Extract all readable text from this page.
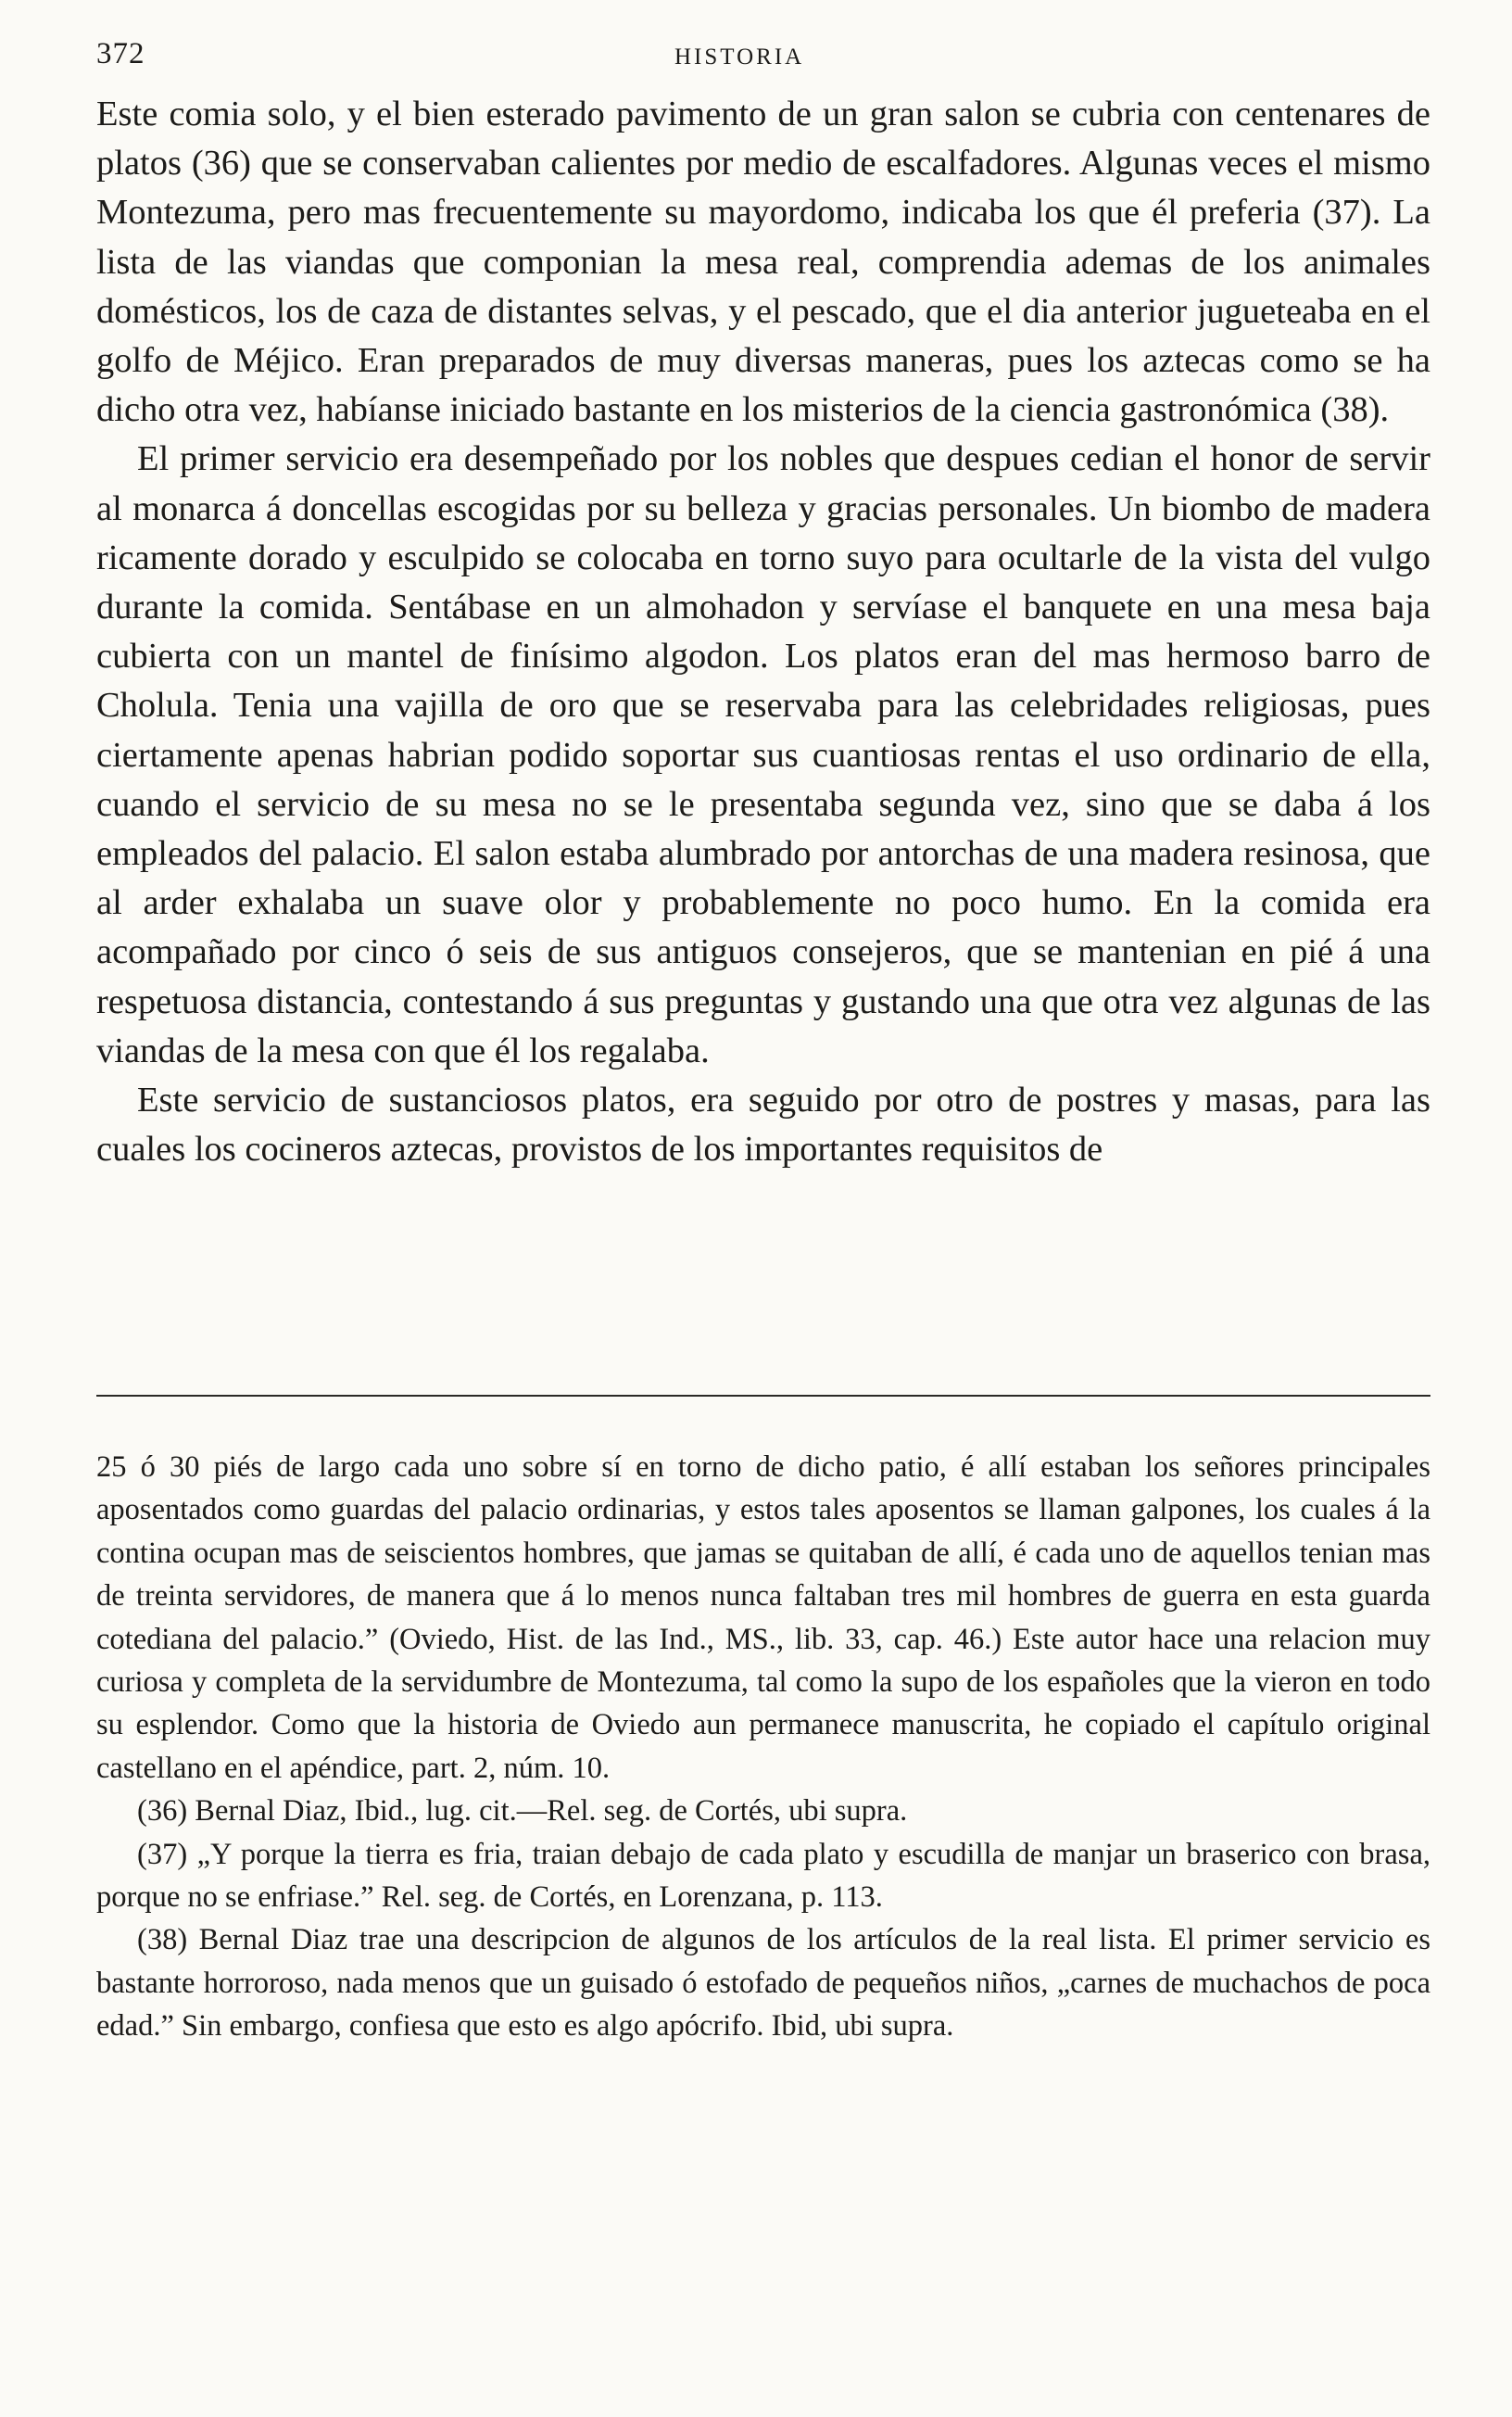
372	HISTORIA

Este comia solo, y el bien esterado pavimento de un gran salon se cubria con centenares de platos (36) que se conservaban calientes por medio de escalfadores. Algunas veces el mismo Montezuma, pero mas frecuentemente su mayordomo, indicaba los que él preferia (37). La lista de las viandas que componian la mesa real, comprendia ademas de los animales domésticos, los de caza de distantes selvas, y el pescado, que el dia anterior jugueteaba en el golfo de Méjico. Eran preparados de muy diversas maneras, pues los aztecas como se ha dicho otra vez, habíanse iniciado bastante en los misterios de la ciencia gastronómica (38).

El primer servicio era desempeñado por los nobles que despues cedian el honor de servir al monarca á doncellas escogidas por su belleza y gracias personales. Un biombo de madera ricamente dorado y esculpido se colocaba en torno suyo para ocultarle de la vista del vulgo durante la comida. Sentábase en un almohadon y servíase el banquete en una mesa baja cubierta con un mantel de finísimo algodon. Los platos eran del mas hermoso barro de Cholula. Tenia una vajilla de oro que se reservaba para las celebridades religiosas, pues ciertamente apenas habrian podido soportar sus cuantiosas rentas el uso ordinario de ella, cuando el servicio de su mesa no se le presentaba segunda vez, sino que se daba á los empleados del palacio. El salon estaba alumbrado por antorchas de una madera resinosa, que al arder exhalaba un suave olor y probablemente no poco humo. En la comida era acompañado por cinco ó seis de sus antiguos consejeros, que se mantenian en pié á una respetuosa distancia, contestando á sus preguntas y gustando una que otra vez algunas de las viandas de la mesa con que él los regalaba.

Este servicio de sustanciosos platos, era seguido por otro de postres y masas, para las cuales los cocineros aztecas, provistos de los importantes requisitos de

25 ó 30 piés de largo cada uno sobre sí en torno de dicho patio, é allí estaban los señores principales aposentados como guardas del palacio ordinarias, y estos tales aposentos se llaman galpones, los cuales á la contina ocupan mas de seiscientos hombres, que jamas se quitaban de allí, é cada uno de aquellos tenian mas de treinta servidores, de manera que á lo menos nunca faltaban tres mil hombres de guerra en esta guarda cotediana del palacio.” (Oviedo, Hist. de las Ind., MS., lib. 33, cap. 46.) Este autor hace una relacion muy curiosa y completa de la servidumbre de Montezuma, tal como la supo de los españoles que la vieron en todo su esplendor. Como que la historia de Oviedo aun permanece manuscrita, he copiado el capítulo original castellano en el apéndice, part. 2, núm. 10.

(36) Bernal Diaz, Ibid., lug. cit.—Rel. seg. de Cortés, ubi supra.

(37) „Y porque la tierra es fria, traian debajo de cada plato y escudilla de manjar un braserico con brasa, porque no se enfriase.” Rel. seg. de Cortés, en Lorenzana, p. 113.

(38) Bernal Diaz trae una descripcion de algunos de los artículos de la real lista. El primer servicio es bastante horroroso, nada menos que un guisado ó estofado de pequeños niños, „carnes de muchachos de poca edad.” Sin embargo, confiesa que esto es algo apócrifo. Ibid, ubi supra.
